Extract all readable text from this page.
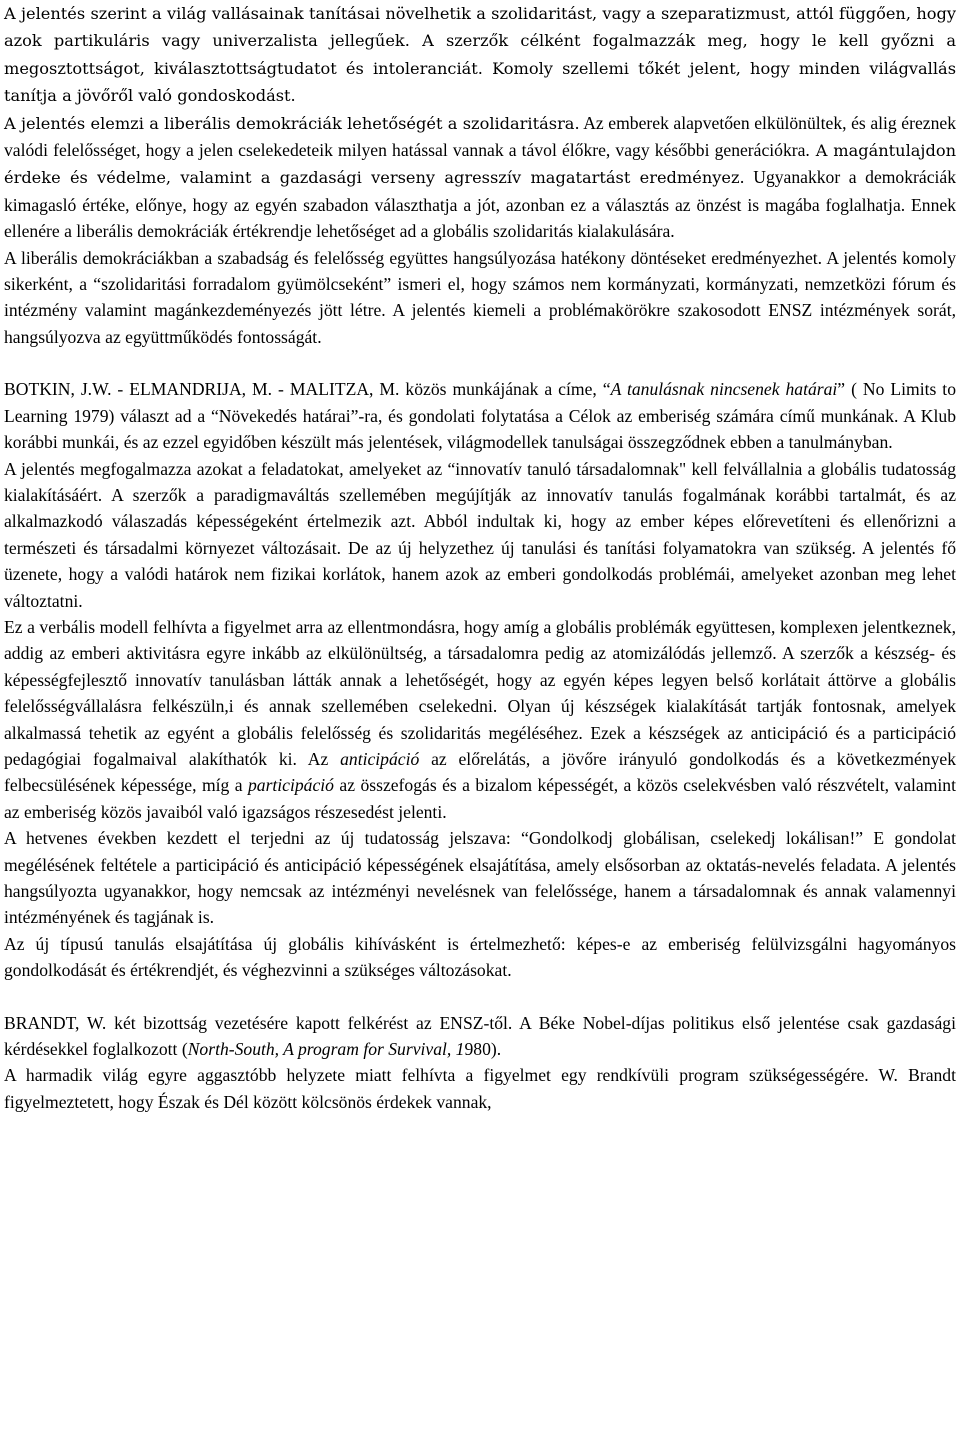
A jelentés szerint a világ vallásainak tanításai növelhetik a szolidaritást, vagy a szeparatizmust, attól függően, hogy azok partikuláris vagy univerzalista jellegűek. A szerzők célként fogalmazzák meg, hogy le kell győzni a megosztottságot, kiválasztottságtudatot és intoleranciát. Komoly szellemi tőkét jelent, hogy minden világvallás tanítja a jövőről való gondoskodást.

A jelentés elemzi a liberális demokráciák lehetőségét a szolidaritásra. Az emberek alapvetően elkülönültek, és alig éreznek valódi felelősséget, hogy a jelen cselekedeteik milyen hatással vannak a távol élőkre, vagy későbbi generációkra. A magántulajdon érdeke és védelme, valamint a gazdasági verseny agresszív magatartást eredményez. Ugyanakkor a demokráciák kimagasló értéke, előnye, hogy az egyén szabadon választhatja a jót, azonban ez a választás az önzést is magába foglalhatja. Ennek ellenére a liberális demokráciák értékrendje lehetőséget ad a globális szolidaritás kialakulására.

A liberális demokráciákban a szabadság és felelősség együttes hangsúlyozása hatékony döntéseket eredményezhet. A jelentés komoly sikerként, a “szolidaritási forradalom gyümölcseként” ismeri el, hogy számos nem kormányzati, kormányzati, nemzetközi fórum és intézmény valamint magánkezdeményezés jött létre. A jelentés kiemeli a problémakörökre szakosodott ENSZ intézmények sorát, hangsúlyozva az együttműködés fontosságát.

BOTKIN, J.W. - ELMANDRIJA, M. - MALITZA, M. közös munkájának a címe, “A tanulásnak nincsenek határai” ( No Limits to Learning 1979) választ ad a “Növekedés határai”-ra, és gondolati folytatása a Célok az emberiség számára című munkának. A Klub korábbi munkái, és az ezzel egyidőben készült más jelentések, világmodellek tanulságai összegződnek ebben a tanulmányban.

A jelentés megfogalmazza azokat a feladatokat, amelyeket az “innovatív tanuló társadalomnak" kell felvállalnia a globális tudatosság kialakításáért. A szerzők a paradigmaváltás szellemében megújítják az innovatív tanulás fogalmának korábbi tartalmát, és az alkalmazkodó válaszadás képességeként értelmezik azt. Abból indultak ki, hogy az ember képes előrevetíteni és ellenőrizni a természeti és társadalmi környezet változásait. De az új helyzethez új tanulási és tanítási folyamatokra van szükség. A jelentés fő üzenete, hogy a valódi határok nem fizikai korlátok, hanem azok az emberi gondolkodás problémái, amelyeket azonban meg lehet változtatni.

Ez a verbális modell felhívta a figyelmet arra az ellentmondásra, hogy amíg a globális problémák együttesen, komplexen jelentkeznek, addig az emberi aktivitásra egyre inkább az elkülönültség, a társadalomra pedig az atomizálódás jellemző. A szerzők a készség- és képességfejlesztő innovatív tanulásban látták annak a lehetőségét, hogy az egyén képes legyen belső korlátait áttörve a globális felelősségvállalásra felkészüln,i és annak szellemében cselekedni. Olyan új készségek kialakítását tartják fontosnak, amelyek alkalmassá tehetik az egyént a globális felelősség és szolidaritás megéléséhez. Ezek a készségek az anticipáció és a participáció pedagógiai fogalmaival alakíthatók ki. Az anticipáció az előrelátás, a jövőre irányuló gondolkodás és a következmények felbecsülésének képessége, míg a participáció az összefogás és a bizalom képességét, a közös cselekvésben való részvételt, valamint az emberiség közös javaiból való igazságos részesedést jelenti.

A hetvenes években kezdett el terjedni az új tudatosság jelszava: “Gondolkodj globálisan, cselekedj lokálisan!” E gondolat megélésének feltétele a participáció és anticipáció képességének elsajátítása, amely elsősorban az oktatás-nevelés feladata. A jelentés hangsúlyozta ugyanakkor, hogy nemcsak az intézményi nevelésnek van felelőssége, hanem a társadalomnak és annak valamennyi intézményének és tagjának is.

Az új típusú tanulás elsajátítása új globális kihívásként is értelmezhető: képes-e az emberiség felülvizsgálni hagyományos gondolkodását és értékrendjét, és véghezvinni a szükséges változásokat.

BRANDT, W. két bizottság vezetésére kapott felkérést az ENSZ-től. A Béke Nobel-díjas politikus első jelentése csak gazdasági kérdésekkel foglalkozott (North-South, A program for Survival, 1980).

A harmadik világ egyre aggasztóbb helyzete miatt felhívta a figyelmet egy rendkívüli program szükségességére. W. Brandt figyelmeztetett, hogy Észak és Dél között kölcsönös érdekek vannak,
